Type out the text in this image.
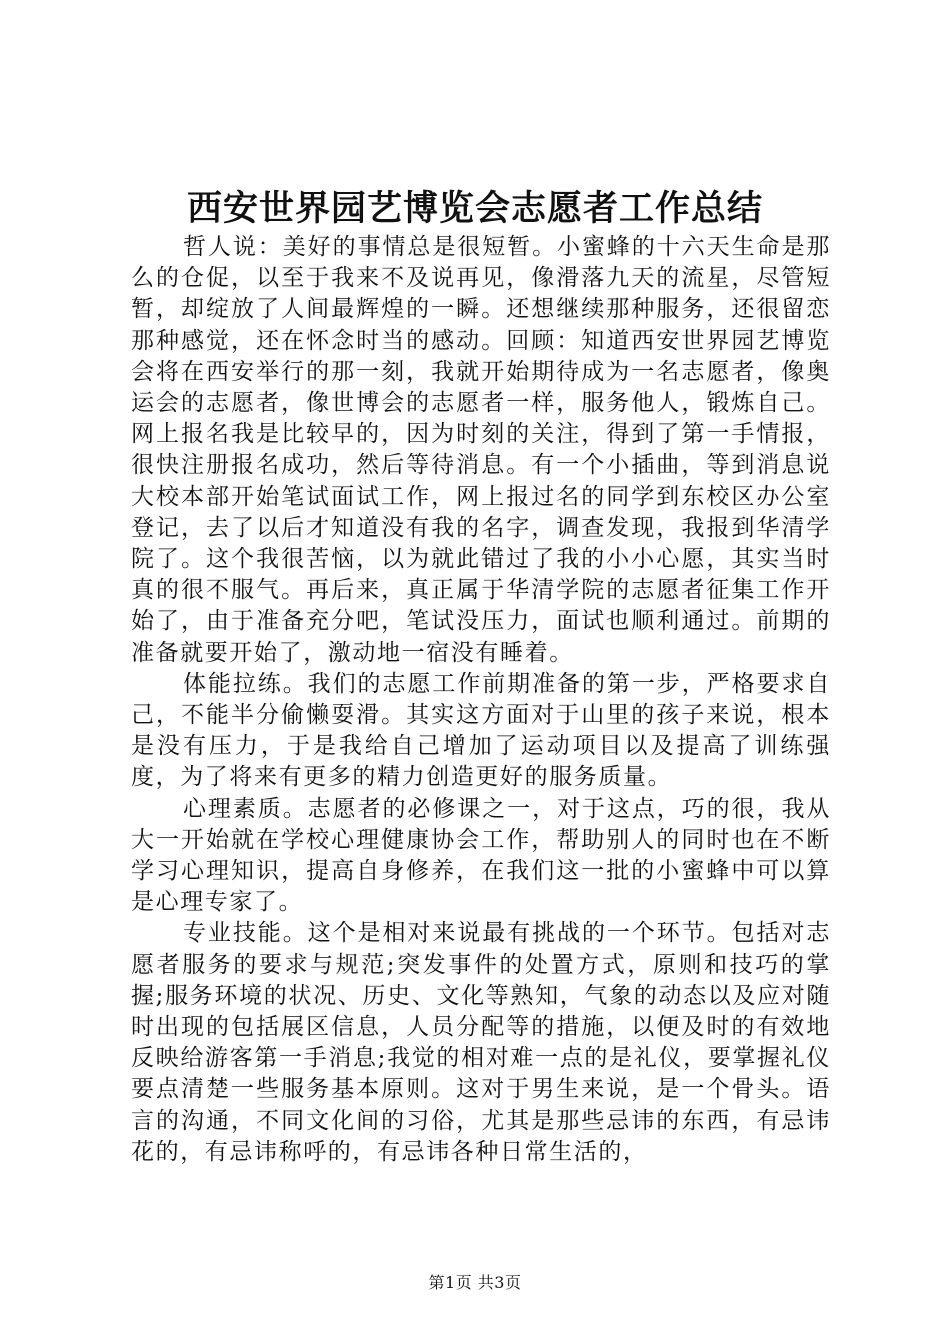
西安世界园艺博览会志愿者工作总结

哲人说：美好的事情总是很短暂。小蜜蜂的十六天生命是那么的仓促，以至于我来不及说再见，像滑落九天的流星，尽管短暂，却绽放了人间最辉煌的一瞬。还想继续那种服务，还很留恋那种感觉，还在怀念时当的感动。回顾：知道西安世界园艺博览会将在西安举行的那一刻，我就开始期待成为一名志愿者，像奥运会的志愿者，像世博会的志愿者一样，服务他人，锻炼自己。网上报名我是比较早的，因为时刻的关注，得到了第一手情报，很快注册报名成功，然后等待消息。有一个小插曲，等到消息说大校本部开始笔试面试工作，网上报过名的同学到东校区办公室登记，去了以后才知道没有我的名字，调查发现，我报到华清学院了。这个我很苦恼，以为就此错过了我的小小心愿，其实当时真的很不服气。再后来，真正属于华清学院的志愿者征集工作开始了，由于准备充分吧，笔试没压力，面试也顺利通过。前期的准备就要开始了，激动地一宿没有睡着。

体能拉练。我们的志愿工作前期准备的第一步，严格要求自己，不能半分偷懒耍滑。其实这方面对于山里的孩子来说，根本是没有压力，于是我给自己增加了运动项目以及提高了训练强度，为了将来有更多的精力创造更好的服务质量。

心理素质。志愿者的必修课之一，对于这点，巧的很，我从大一开始就在学校心理健康协会工作，帮助别人的同时也在不断学习心理知识，提高自身修养，在我们这一批的小蜜蜂中可以算是心理专家了。

专业技能。这个是相对来说最有挑战的一个环节。包括对志愿者服务的要求与规范;突发事件的处置方式，原则和技巧的掌握;服务环境的状况、历史、文化等熟知，气象的动态以及应对随时出现的包括展区信息，人员分配等的措施，以便及时的有效地反映给游客第一手消息;我觉的相对难一点的是礼仪，要掌握礼仪要点清楚一些服务基本原则。这对于男生来说，是一个骨头。语言的沟通，不同文化间的习俗，尤其是那些忌讳的东西，有忌讳花的，有忌讳称呼的，有忌讳各种日常生活的，

第1页 共3页
